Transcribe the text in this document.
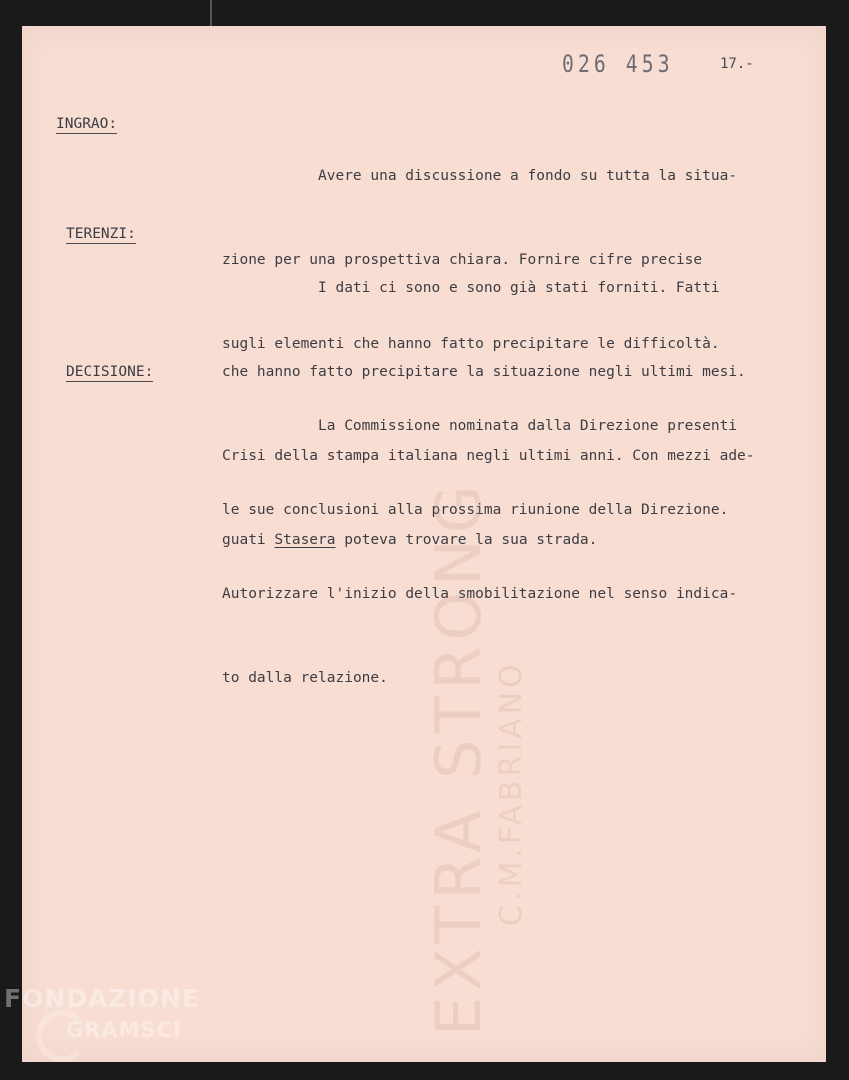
026 453	17.-
INGRAO:

Avere una discussione a fondo su tutta la situa-

zione per una prospettiva chiara. Fornire cifre precise

sugli elementi che hanno fatto precipitare le difficoltà.

TERENZI:

I dati ci sono e sono già stati forniti. Fatti

che hanno fatto precipitare la situazione negli ultimi mesi.

Crisi della stampa italiana negli ultimi anni. Con mezzi ade-

guati Stasera poteva trovare la sua strada.

DECISIONE:

La Commissione nominata dalla Direzione presenti

le sue conclusioni alla prossima riunione della Direzione.

Autorizzare l'inizio della smobilitazione nel senso indica-

to dalla relazione.

EXTRA STRONG C.M.FABRIANO
FONDAZIONE
GRAMSCI
